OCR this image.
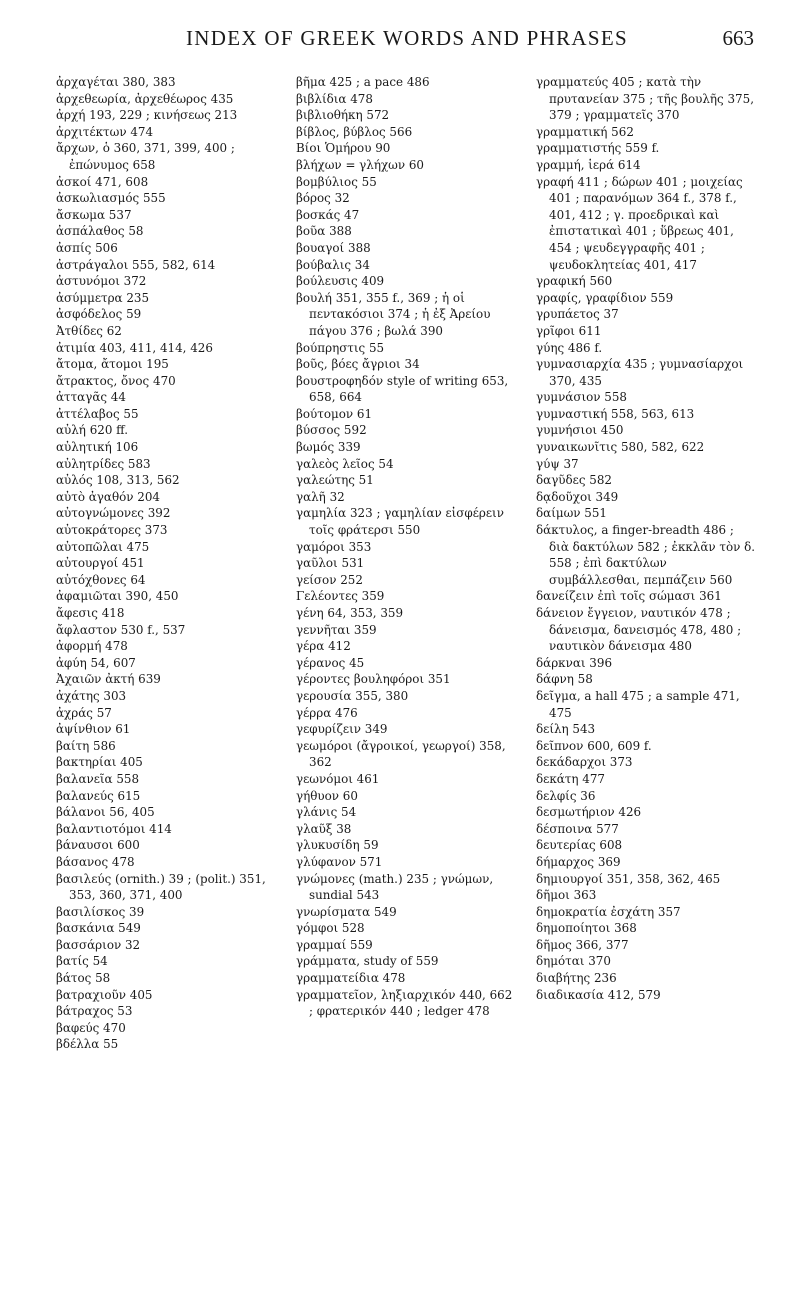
INDEX OF GREEK WORDS AND PHRASES	663
ἀρχαγέται 380, 383
ἀρχεθεωρία, ἀρχεθέωρος 435
ἀρχή 193, 229 ; κινήσεως 213
ἀρχιτέκτων 474
ἄρχων, ὁ 360, 371, 399, 400 ; ἐπώνυμος 658
ἀσκοί 471, 608
ἀσκωλιασμός 555
ἄσκωμα 537
ἀσπάλαθος 58
ἀσπίς 506
ἀστράγαλοι 555, 582, 614
ἀστυνόμοι 372
ἀσύμμετρα 235
ἀσφόδελος 59
Ἀτθίδες 62
ἀτιμία 403, 411, 414, 426
ἄτομα, ἄτομοι 195
ἄτρακτος, ὄνος 470
ἀτταγᾶς 44
ἀττέλαβος 55
αὐλή 620 ff.
αὐλητική 106
αὐλητρίδες 583
αὐλός 108, 313, 562
αὐτὸ ἀγαθόν 204
αὐτογνώμονες 392
αὐτοκράτορες 373
αὐτοπῶλαι 475
αὐτουργοί 451
αὐτόχθονες 64
ἀφαμιῶται 390, 450
ἄφεσις 418
ἄφλαστον 530 f., 537
ἀφορμή 478
ἀφύη 54, 607
Ἀχαιῶν ἀκτή 639
ἀχάτης 303
ἀχράς 57
ἀψίνθιον 61
βαίτη 586
βακτηρίαι 405
βαλανεῖα 558
βαλανεύς 615
βάλανοι 56, 405
βαλαντιοτόμοι 414
βάναυσοι 600
βάσανος 478
βασιλεύς (ornith.) 39 ; (polit.) 351, 353, 360, 371, 400
βασιλίσκος 39
βασκάνια 549
βασσάριον 32
βατίς 54
βάτος 58
βατραχιοῦν 405
βάτραχος 53
βαφεύς 470
βδέλλα 55
βῆμα 425 ; a pace 486
βιβλίδια 478
βιβλιοθήκη 572
βίβλος, βύβλος 566
Βίοι Ὁμήρου 90
βλήχων = γλήχων 60
βομβύλιος 55
βόρος 32
βοσκάς 47
βοῦα 388
βουαγοί 388
βούβαλις 34
βούλευσις 409
βουλή 351, 355 f., 369 ; ἡ οἱ πεντακόσιοι 374 ; ἡ ἐξ Ἀρείου πάγου 376 ; βωλά 390
βούπρηστις 55
βοῦς, βόες ἄγριοι 34
βουστροφηδόν style of writing 653, 658, 664
βούτομον 61
βύσσος 592
βωμός 339
γαλεὸς λεῖος 54
γαλεώτης 51
γαλῆ 32
γαμηλία 323 ; γαμηλίαν εἰσφέρειν τοῖς φράτερσι 550
γαμόροι 353
γαῦλοι 531
γείσον 252
Γελέοντες 359
γένη 64, 353, 359
γεννῆται 359
γέρα 412
γέρανος 45
γέροντες βουληφόροι 351
γερουσία 355, 380
γέρρα 476
γεφυρίζειν 349
γεωμόροι (ἄγροικοί, γεωργοί) 358, 362
γεωνόμοι 461
γήθυον 60
γλάνις 54
γλαῦξ 38
γλυκυσίδη 59
γλύφανον 571
γνώμονες (math.) 235 ; γνώμων, sundial 543
γνωρίσματα 549
γόμφοι 528
γραμμαί 559
γράμματα, study of 559
γραμματείδια 478
γραμματεῖον, ληξιαρχικόν 440, 662 ; φρατερικόν 440 ; ledger 478
γραμματεύς 405 ; κατὰ τὴν πρυτανείαν 375 ; τῆς βουλῆς 375, 379 ; γραμματεῖς 370
γραμματική 562
γραμματιστής 559 f.
γραμμή, ἱερά 614
γραφή 411 ; δώρων 401 ; μοιχείας 401 ; παρανόμων 364 f., 378 f., 401, 412 ; γ. προεδρικαὶ καὶ ἐπιστατικαὶ 401 ; ὕβρεως 401, 454 ; ψευδεγγραφῆς 401 ; ψευδοκλητείας 401, 417
γραφική 560
γραφίς, γραφίδιον 559
γρυπάετος 37
γρῖφοι 611
γύης 486 f.
γυμνασιαρχία 435 ; γυμνασίαρχοι 370, 435
γυμνάσιον 558
γυμναστική 558, 563, 613
γυμνήσιοι 450
γυναικωνῖτις 580, 582, 622
γύψ 37
δαγῦδες 582
δᾳδοῦχοι 349
δαίμων 551
δάκτυλος, a finger-breadth 486 ; διὰ δακτύλων 582 ; ἐκκλᾶν τὸν δ. 558 ; ἐπὶ δακτύλων συμβάλλεσθαι, πεμπάζειν 560
δανείζειν ἐπὶ τοῖς σώμασι 361
δάνειον ἔγγειον, ναυτικόν 478 ; δάνεισμα, δανεισμός 478, 480 ; ναυτικὸν δάνεισμα 480
δάρκναι 396
δάφνη 58
δεῖγμα, a hall 475 ; a sample 471, 475
δείλη 543
δεῖπνον 600, 609 f.
δεκάδαρχοι 373
δεκάτη 477
δελφίς 36
δεσμωτήριον 426
δέσποινα 577
δευτερίας 608
δήμαρχος 369
δημιουργοί 351, 358, 362, 465
δῆμοι 363
δημοκρατία ἐσχάτη 357
δημοποίητοι 368
δῆμος 366, 377
δημόται 370
διαβήτης 236
διαδικασία 412, 579
